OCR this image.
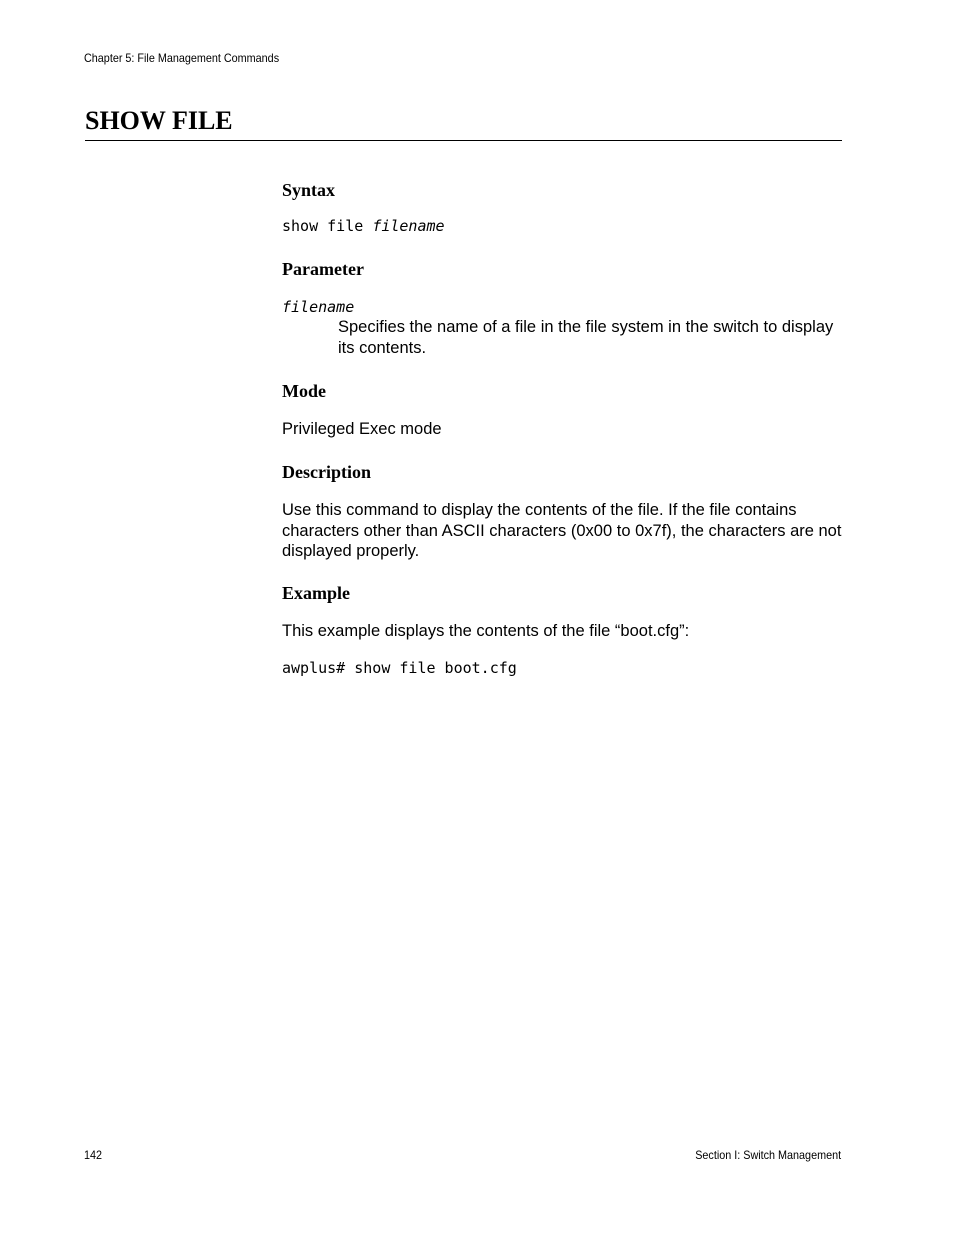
Chapter 5: File Management Commands
SHOW FILE
Syntax
show file filename
Parameter
filename
Specifies the name of a file in the file system in the switch to display its contents.
Mode
Privileged Exec mode
Description
Use this command to display the contents of the file. If the file contains characters other than ASCII characters (0x00 to 0x7f), the characters are not displayed properly.
Example
This example displays the contents of the file “boot.cfg”:
awplus# show file boot.cfg
142	Section I: Switch Management
